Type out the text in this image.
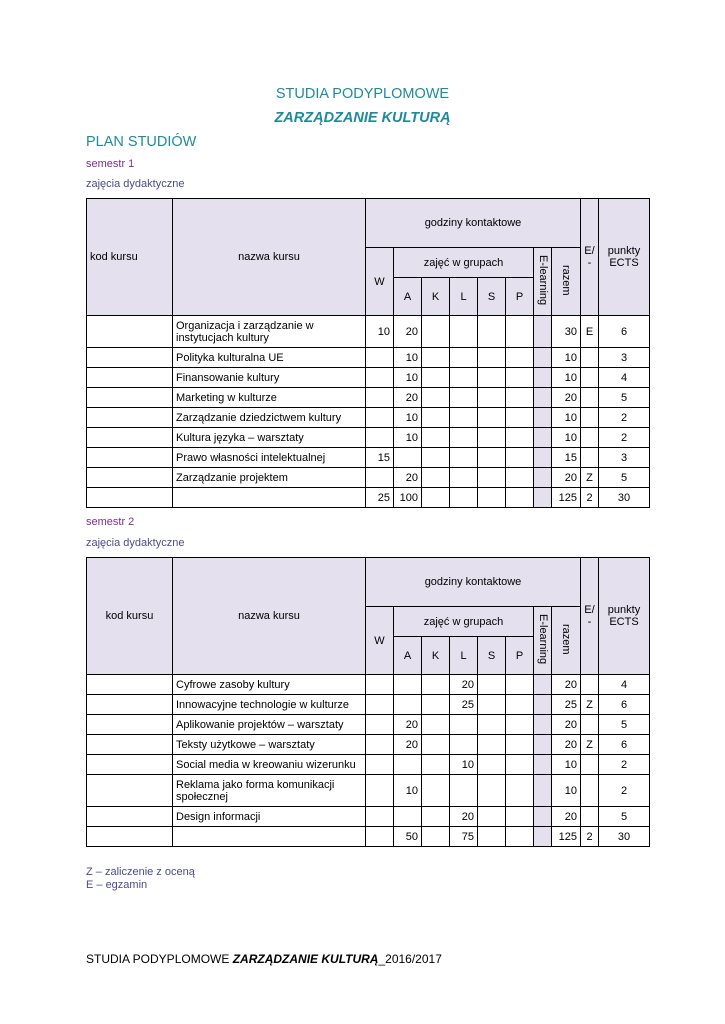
STUDIA PODYPLOMOWE
ZARZĄDZANIE KULTURĄ
PLAN STUDIÓW
semestr 1
zajęcia dydaktyczne
kod kursu	nazwa kursu	godziny kontaktowe								E/ -	punkty ECTS
		W	zajęć w grupach					E-learning	razem		
			A	K	L	S	P				
	Organizacja i zarządzanie w instytucjach kultury	10	20						30	E	6
	Polityka kulturalna UE		10						10		3
	Finansowanie kultury		10						10		4
	Marketing w kulturze		20						20		5
	Zarządzanie dziedzictwem kultury		10						10		2
	Kultura języka – warsztaty		10						10		2
	Prawo własności intelektualnej	15							15		3
	Zarządzanie projektem		20						20	Z	5
		25	100						125	2	30
semestr 2
zajęcia dydaktyczne
kod kursu	nazwa kursu	godziny kontaktowe								E/ -	punkty ECTS
		W	zajęć w grupach					E-learning	razem		
			A	K	L	S	P				
	Cyfrowe zasoby kultury				20				20		4
	Innowacyjne technologie w kulturze				25				25	Z	6
	Aplikowanie projektów – warsztaty		20						20		5
	Teksty użytkowe – warsztaty		20						20	Z	6
	Social media w kreowaniu wizerunku				10				10		2
	Reklama jako forma komunikacji społecznej		10						10		2
	Design informacji				20				20		5
			50		75				125	2	30
Z – zaliczenie z oceną
E – egzamin
STUDIA PODYPLOMOWE ZARZĄDZANIE KULTURĄ_2016/2017
